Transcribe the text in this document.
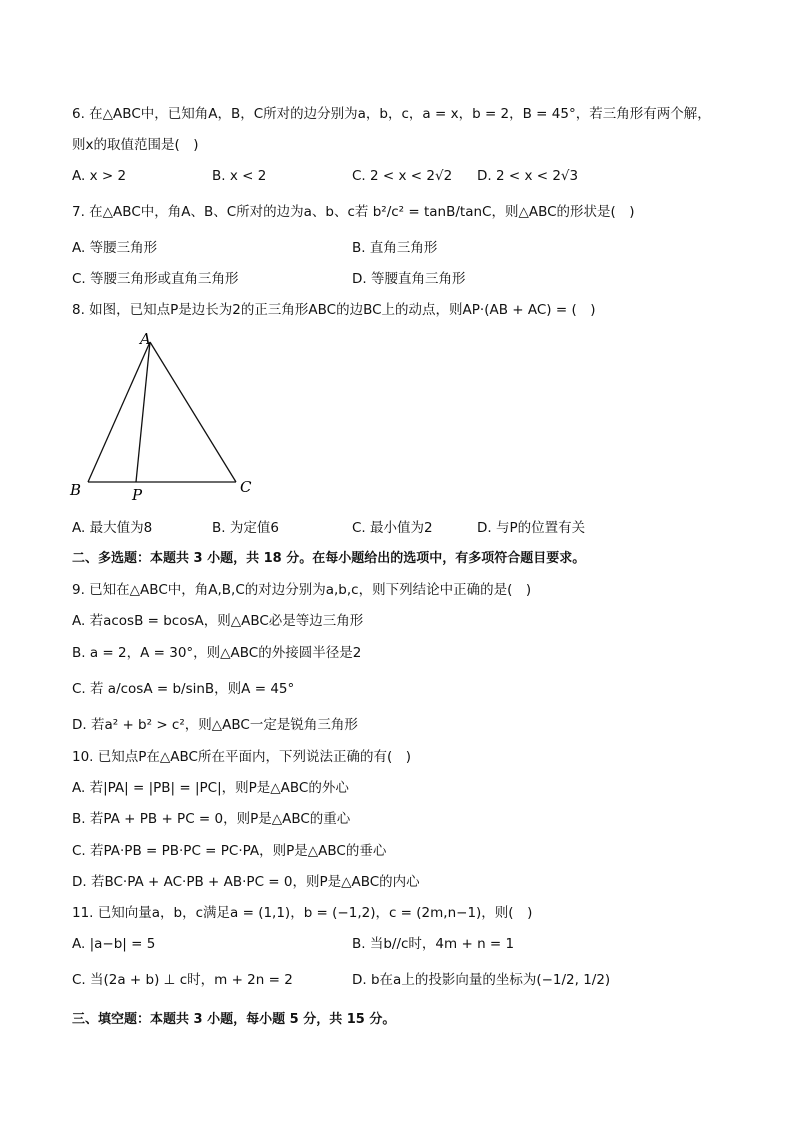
6. 在△ABC中，已知角A，B，C所对的边分别为a，b，c，a = x，b = 2，B = 45°，若三角形有两个解，
则x的取值范围是(　)
A. x > 2	B. x < 2	C. 2 < x < 2√2 D. 2 < x < 2√3
7. 在△ABC中，角A、B、C所对的边为a、b、c若 b²/c² = tanB/tanC，则△ABC的形状是(　)
A. 等腰三角形	B. 直角三角形
C. 等腰三角形或直角三角形	D. 等腰直角三角形
8. 如图，已知点P是边长为2的正三角形ABC的边BC上的动点，则AP·(AB + AC) = (　)
A
B	C
P
A. 最大值为8	B. 为定值6	C. 最小值为2	D. 与P的位置有关
二、多选题：本题共 3 小题，共 18 分。在每小题给出的选项中，有多项符合题目要求。
9. 已知在△ABC中，角A,B,C的对边分别为a,b,c，则下列结论中正确的是(　)
A. 若acosB = bcosA，则△ABC必是等边三角形
B. a = 2，A = 30°，则△ABC的外接圆半径是2
C. 若 a/cosA = b/sinB，则A = 45°
D. 若a² + b² > c²，则△ABC一定是锐角三角形
10. 已知点P在△ABC所在平面内，下列说法正确的有(　)
A. 若|PA| = |PB| = |PC|，则P是△ABC的外心
B. 若PA + PB + PC = 0，则P是△ABC的重心
C. 若PA·PB = PB·PC = PC·PA，则P是△ABC的垂心
D. 若BC·PA + AC·PB + AB·PC = 0，则P是△ABC的内心
11. 已知向量a，b，c满足a = (1,1)，b = (−1,2)，c = (2m,n−1)，则(　)
A. |a−b| = 5	B. 当b//c时，4m + n = 1
C. 当(2a + b) ⊥ c时，m + 2n = 2	D. b在a上的投影向量的坐标为(−1/2, 1/2)
三、填空题：本题共 3 小题，每小题 5 分，共 15 分。
